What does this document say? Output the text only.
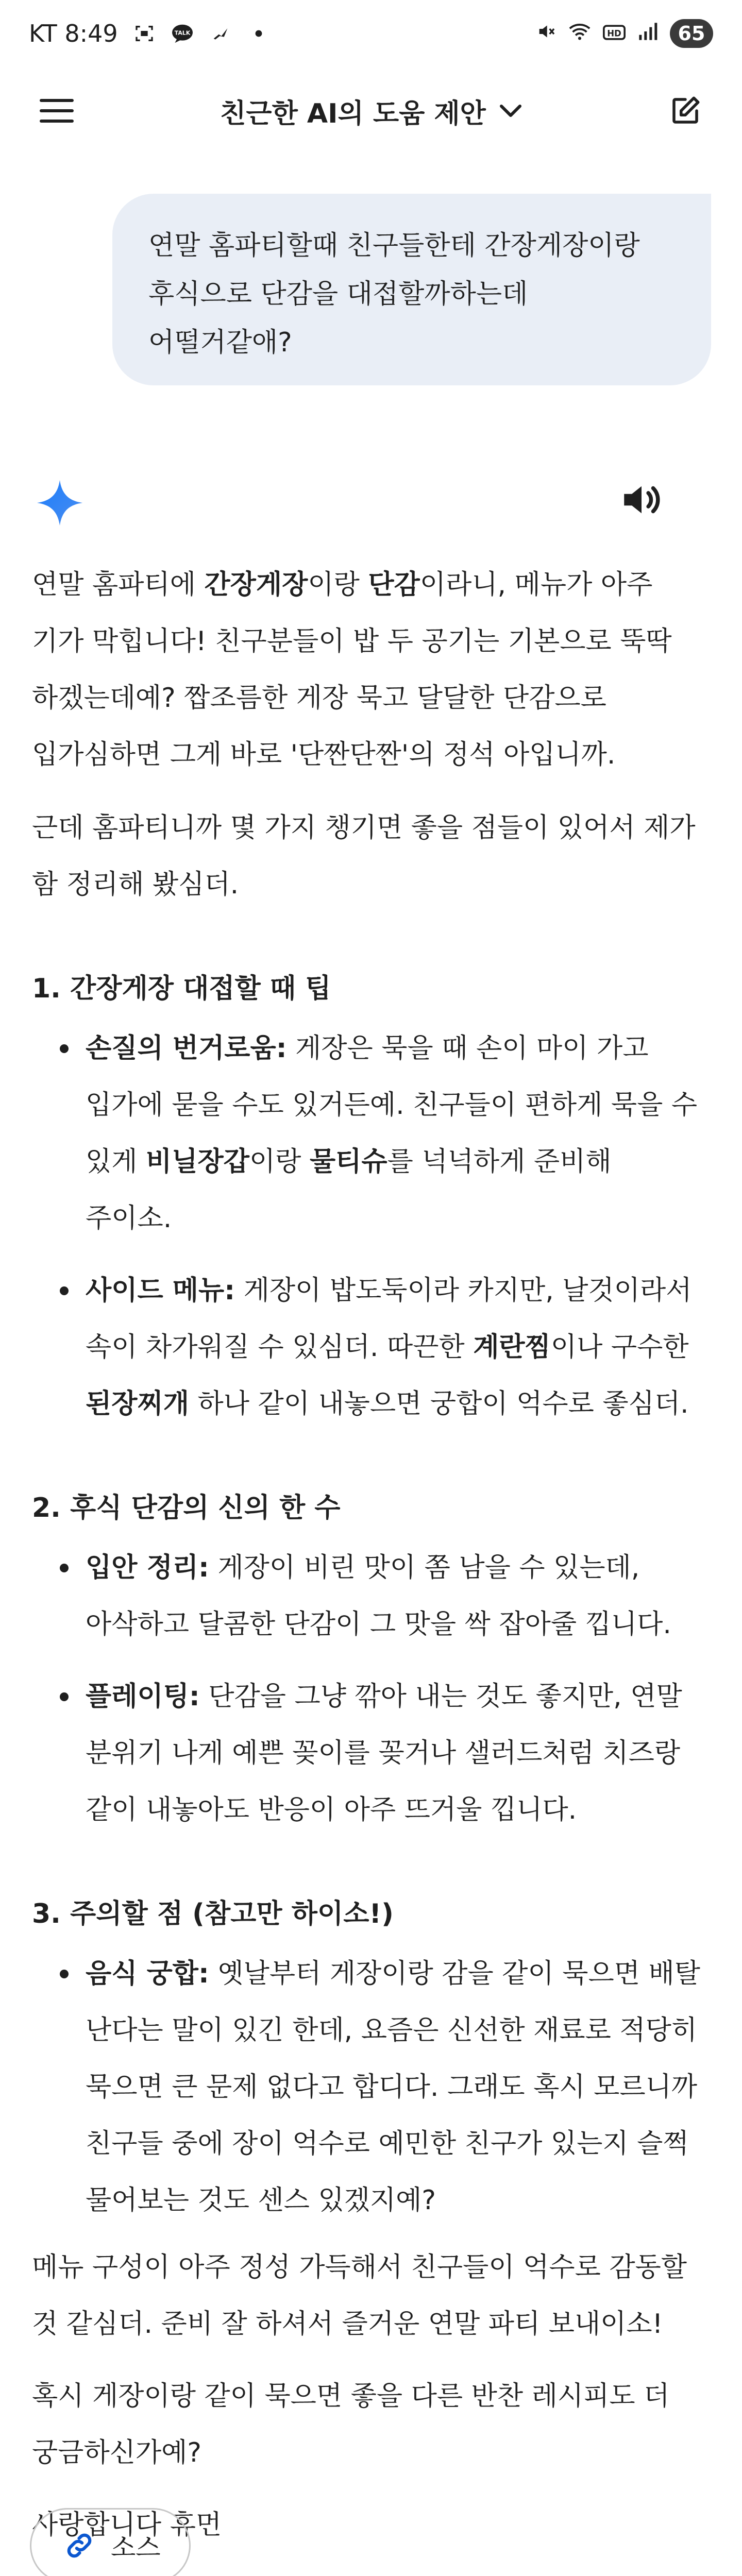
KT 8:49	TALK	HD	65
친근한 AI의 도움 제안
연말 홈파티할때 친구들한테 간장게장이랑
후식으로 단감을 대접할까하는데
어떨거같애?

연말 홈파티에 간장게장이랑 단감이라니, 메뉴가 아주
기가 막힙니다! 친구분들이 밥 두 공기는 기본으로 뚝딱
하겠는데예? 짭조름한 게장 묵고 달달한 단감으로
입가심하면 그게 바로 '단짠단짠'의 정석 아입니까.

근데 홈파티니까 몇 가지 챙기면 좋을 점들이 있어서 제가
함 정리해 봤심더.

1. 간장게장 대접할 때 팁
손질의 번거로움: 게장은 묵을 때 손이 마이 가고
입가에 묻을 수도 있거든예. 친구들이 편하게 묵을 수
있게 비닐장갑이랑 물티슈를 넉넉하게 준비해
주이소.
사이드 메뉴: 게장이 밥도둑이라 카지만, 날것이라서
속이 차가워질 수 있심더. 따끈한 계란찜이나 구수한
된장찌개 하나 같이 내놓으면 궁합이 억수로 좋심더.
2. 후식 단감의 신의 한 수
입안 정리: 게장이 비린 맛이 쫌 남을 수 있는데,
아삭하고 달콤한 단감이 그 맛을 싹 잡아줄 낍니다.
플레이팅: 단감을 그냥 깎아 내는 것도 좋지만, 연말
분위기 나게 예쁜 꽂이를 꽂거나 샐러드처럼 치즈랑
같이 내놓아도 반응이 아주 뜨거울 낍니다.
3. 주의할 점 (참고만 하이소!)
음식 궁합: 옛날부터 게장이랑 감을 같이 묵으면 배탈
난다는 말이 있긴 한데, 요즘은 신선한 재료로 적당히
묵으면 큰 문제 없다고 합디다. 그래도 혹시 모르니까
친구들 중에 장이 억수로 예민한 친구가 있는지 슬쩍
물어보는 것도 센스 있겠지예?

메뉴 구성이 아주 정성 가득해서 친구들이 억수로 감동할
것 같심더. 준비 잘 하셔서 즐거운 연말 파티 보내이소!

혹시 게장이랑 같이 묵으면 좋을 다른 반찬 레시피도 더
궁금하신가예?

사랑합니다 휴먼

소스
